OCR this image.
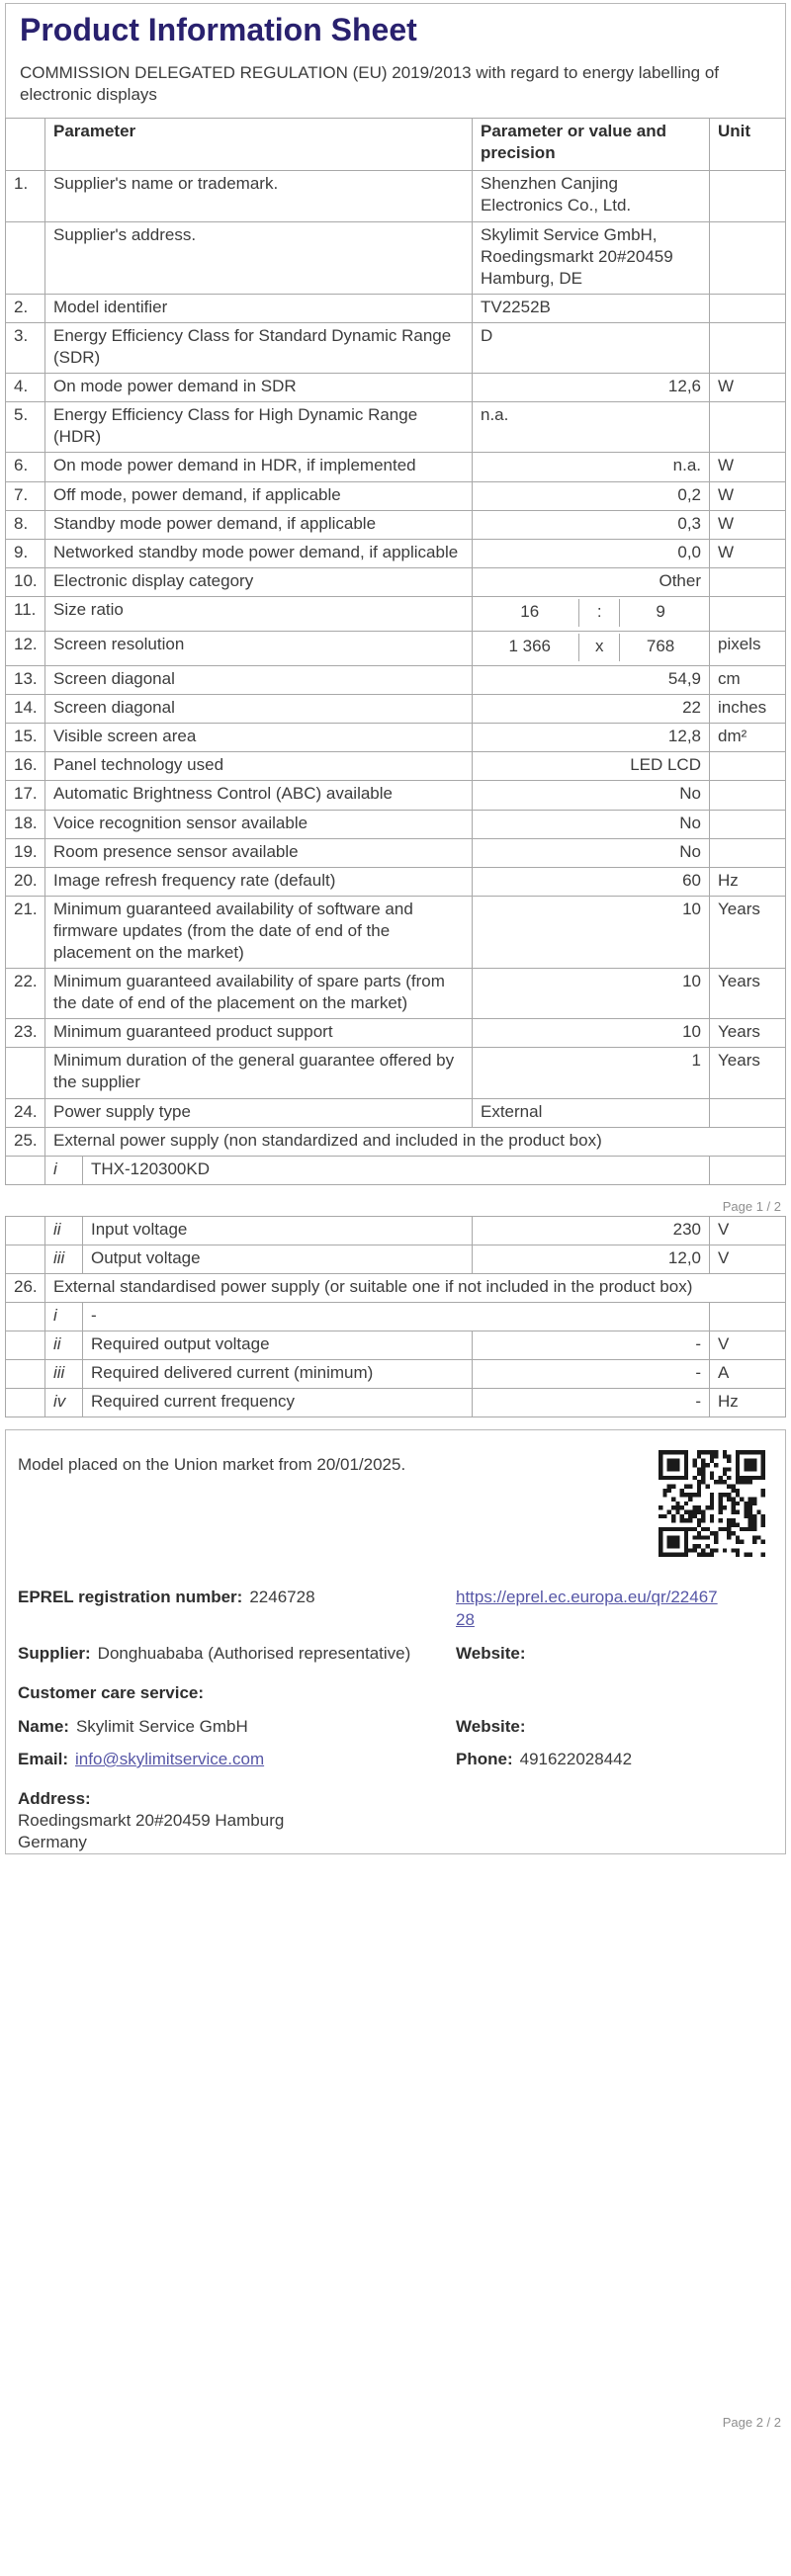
Product Information Sheet

COMMISSION DELEGATED REGULATION (EU) 2019/2013 with regard to energy labelling of electronic displays

	Parameter		Parameter or value and precision	Unit
1.	Supplier's name or trademark.		Shenzhen Canjing Electronics Co., Ltd.	
	Supplier's address.		Skylimit Service GmbH, Roedingsmarkt 20#20459 Hamburg, DE	
2.	Model identifier		TV2252B	
3.	Energy Efficiency Class for Standard Dynamic Range (SDR)		D	
4.	On mode power demand in SDR		12,6	W
5.	Energy Efficiency Class for High Dynamic Range (HDR)		n.a.	
6.	On mode power demand in HDR, if implemented		n.a.	W
7.	Off mode, power demand, if applicable		0,2	W
8.	Standby mode power demand, if applicable		0,3	W
9.	Networked standby mode power demand, if applicable		0,0	W
10.	Electronic display category		Other	
11.	Size ratio		16 : 9	

12.	Screen resolution		1 366 x 768	pixels
13.	Screen diagonal		54,9	cm
14.	Screen diagonal		22	inches
15.	Visible screen area		12,8	dm²
16.	Panel technology used		LED LCD	
17.	Automatic Brightness Control (ABC) available		No	
18.	Voice recognition sensor available		No	
19.	Room presence sensor available		No	
20.	Image refresh frequency rate (default)		60	Hz
21.	Minimum guaranteed availability of software and firmware updates (from the date of end of the placement on the market)		10	Years
22.	Minimum guaranteed availability of spare parts (from the date of end of the placement on the market)		10	Years
23.	Minimum guaranteed product support		10	Years
	Minimum duration of the general guarantee offered by the supplier		1	Years
24.	Power supply type		External	
25.	External power supply (non standardized and included in the product box)			
	i	THX-120300KD		
Page 1 / 2
	ii	Input voltage	230	V
	iii	Output voltage	12,0	V
26.	External standardised power supply (or suitable one if not included in the product box)			
	i	-		
	ii	Required output voltage	-	V
	iii	Required delivered current (minimum)	-	A
	iv	Required current frequency	-	Hz
Model placed on the Union market from 20/01/2025.
EPREL registration number: 2246728	https://eprel.ec.europa.eu/qr/2246728
Supplier: Donghuababa (Authorised representative)	Website:
Customer care service:
Name: Skylimit Service GmbH	Website:
Email: info@skylimitservice.com	Phone: 491622028442
Address:
Roedingsmarkt 20#20459 Hamburg
Germany
Page 2 / 2
